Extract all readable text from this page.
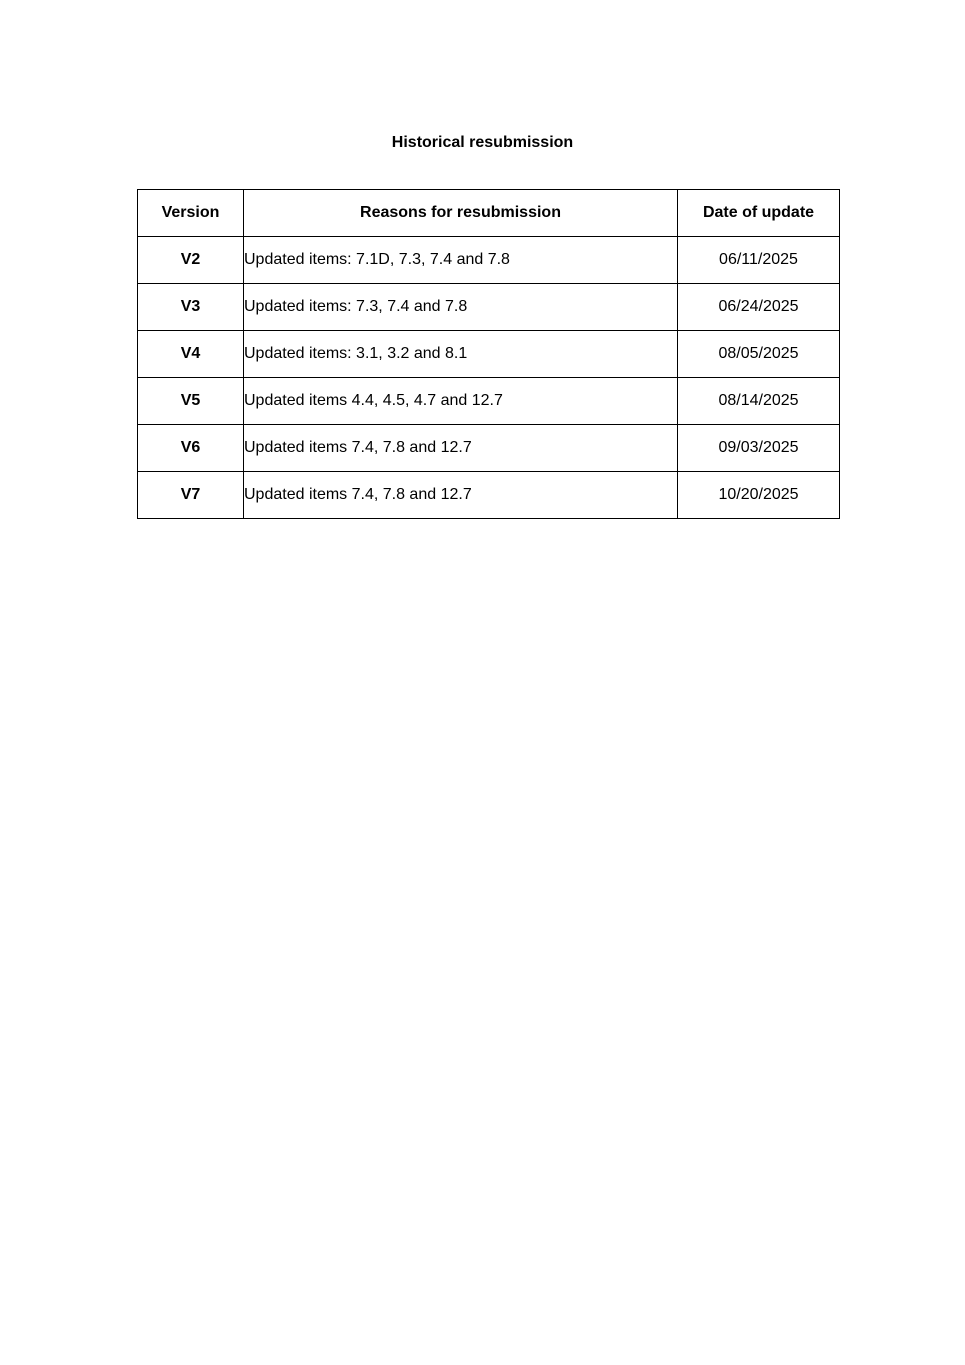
Historical resubmission
Version	Reasons for resubmission	Date of update
V2	Updated items: 7.1D, 7.3, 7.4 and 7.8	06/11/2025
V3	Updated items: 7.3, 7.4 and 7.8	06/24/2025
V4	Updated items: 3.1, 3.2 and 8.1	08/05/2025
V5	Updated items 4.4, 4.5, 4.7 and 12.7	08/14/2025
V6	Updated items 7.4, 7.8 and 12.7	09/03/2025
V7	Updated items 7.4, 7.8 and 12.7	10/20/2025
